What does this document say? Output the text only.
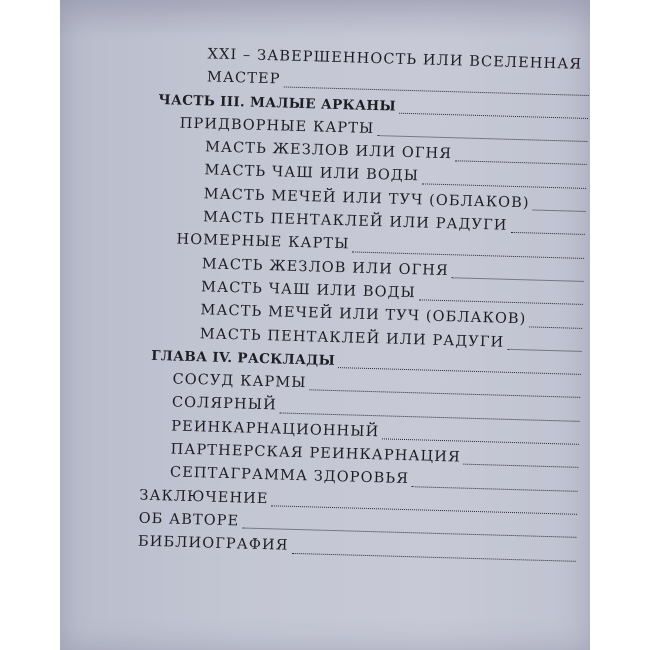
XXI – ЗАВЕРШЕННОСТЬ ИЛИ ВСЕЛЕННАЯ
МАСТЕР
ЧАСТЬ III. МАЛЫЕ АРКАНЫ
ПРИДВОРНЫЕ КАРТЫ
МАСТЬ ЖЕЗЛОВ ИЛИ ОГНЯ
МАСТЬ ЧАШ ИЛИ ВОДЫ
МАСТЬ МЕЧЕЙ ИЛИ ТУЧ (ОБЛАКОВ)
МАСТЬ ПЕНТАКЛЕЙ ИЛИ РАДУГИ
НОМЕРНЫЕ КАРТЫ
МАСТЬ ЖЕЗЛОВ ИЛИ ОГНЯ
МАСТЬ ЧАШ ИЛИ ВОДЫ
МАСТЬ МЕЧЕЙ ИЛИ ТУЧ (ОБЛАКОВ)
МАСТЬ ПЕНТАКЛЕЙ ИЛИ РАДУГИ
ГЛАВА IV. РАСКЛАДЫ
СОСУД КАРМЫ
СОЛЯРНЫЙ
РЕИНКАРНАЦИОННЫЙ
ПАРТНЕРСКАЯ РЕИНКАРНАЦИЯ
СЕПТАГРАММА ЗДОРОВЬЯ
ЗАКЛЮЧЕНИЕ
ОБ АВТОРЕ
БИБЛИОГРАФИЯ
